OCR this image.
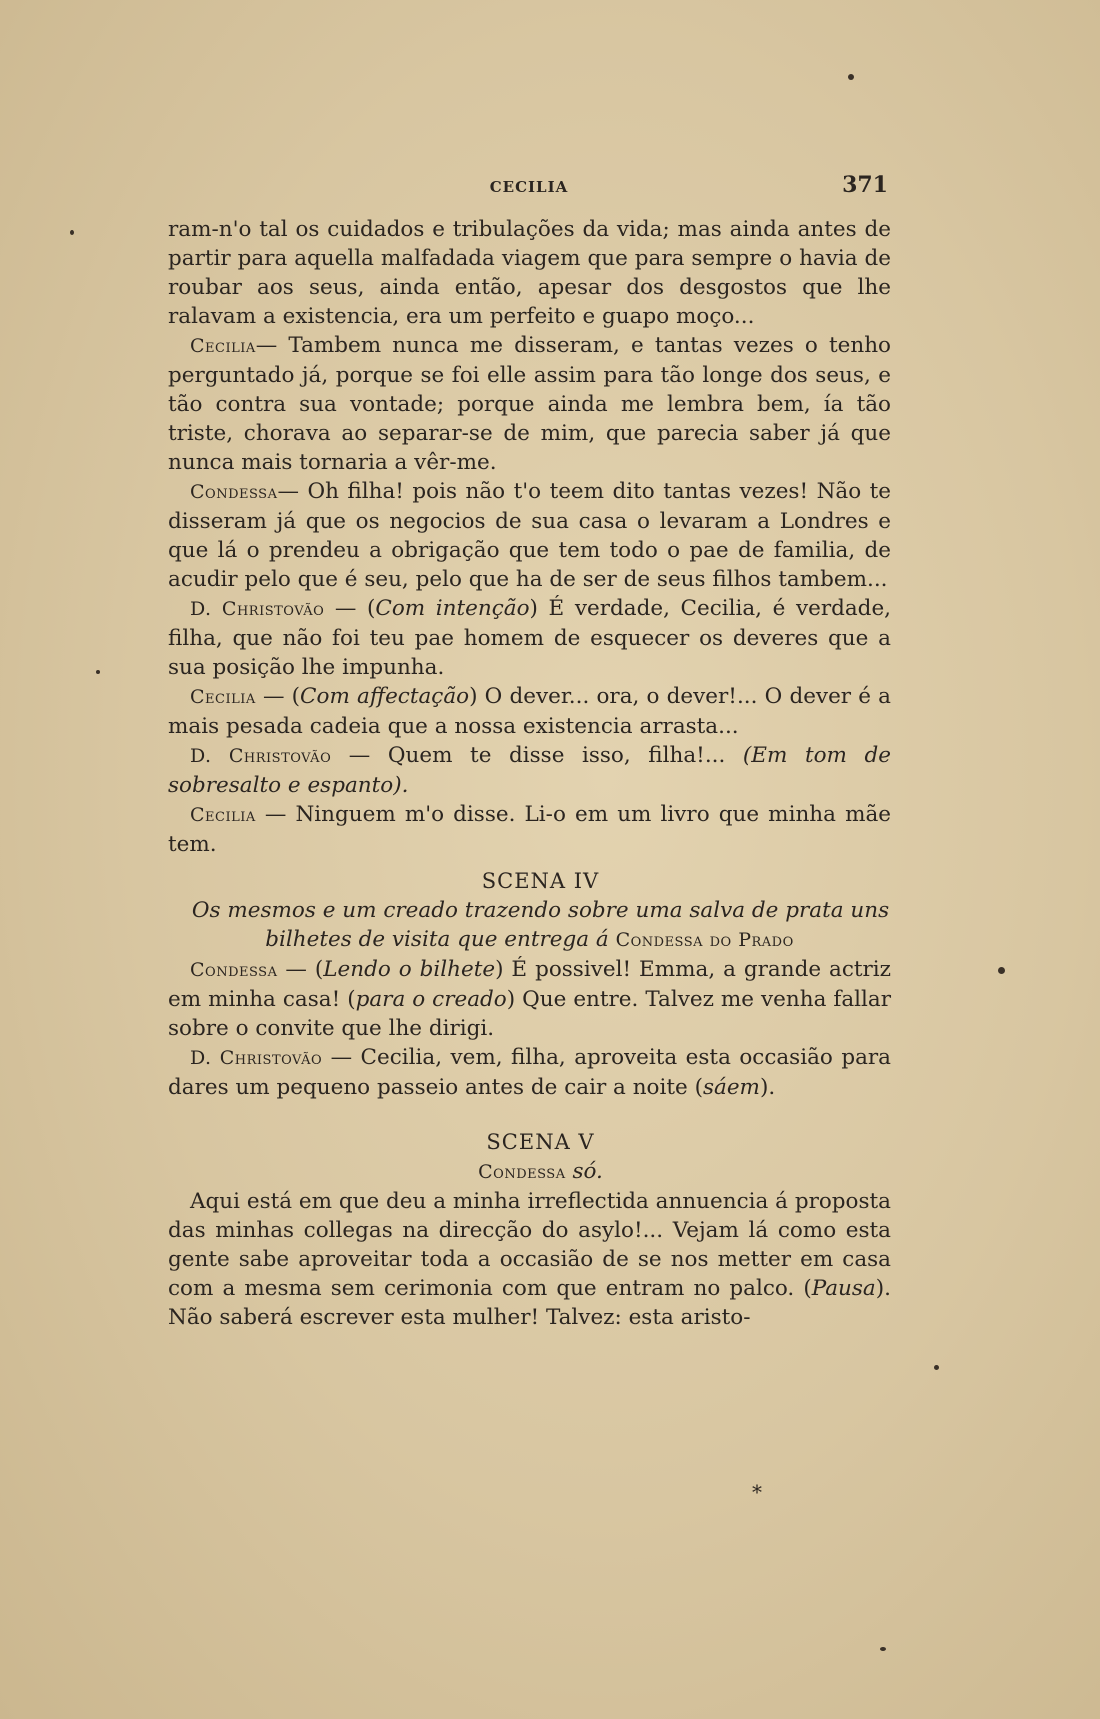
CECILIA	371

ram-n'o tal os cuidados e tribulações da vida; mas ainda antes de partir para aquella malfadada viagem que para sempre o havia de roubar aos seus, ainda então, apesar dos desgostos que lhe ralavam a existencia, era um perfeito e guapo moço...

Cecilia— Tambem nunca me disseram, e tantas vezes o tenho perguntado já, porque se foi elle assim para tão longe dos seus, e tão contra sua vontade; porque ainda me lembra bem, ía tão triste, chorava ao separar-se de mim, que parecia saber já que nunca mais tornaria a vêr-me.

Condessa— Oh filha! pois não t'o teem dito tantas vezes! Não te disseram já que os negocios de sua casa o levaram a Londres e que lá o prendeu a obrigação que tem todo o pae de familia, de acudir pelo que é seu, pelo que ha de ser de seus filhos tambem...

D. Christovão — (Com intenção) É verdade, Cecilia, é verdade, filha, que não foi teu pae homem de esquecer os deveres que a sua posição lhe impunha.

Cecilia — (Com affectação) O dever... ora, o dever!... O dever é a mais pesada cadeia que a nossa existencia arrasta...

D. Christovão — Quem te disse isso, filha!... (Em tom de sobresalto e espanto).

Cecilia — Ninguem m'o disse. Li-o em um livro que minha mãe tem.

SCENA IV

Os mesmos e um creado trazendo sobre uma salva de prata uns bilhetes de visita que entrega á Condessa do Prado

Condessa — (Lendo o bilhete) É possivel! Emma, a grande actriz em minha casa! (para o creado) Que entre. Talvez me venha fallar sobre o convite que lhe dirigi.

D. Christovão — Cecilia, vem, filha, aproveita esta occasião para dares um pequeno passeio antes de cair a noite (sáem).

SCENA V

Condessa só.

Aqui está em que deu a minha irreflectida annuencia á proposta das minhas collegas na direcção do asylo!... Vejam lá como esta gente sabe aproveitar toda a occasião de se nos metter em casa com a mesma sem cerimonia com que entram no palco. (Pausa). Não saberá escrever esta mulher! Talvez: esta aristo-

*
